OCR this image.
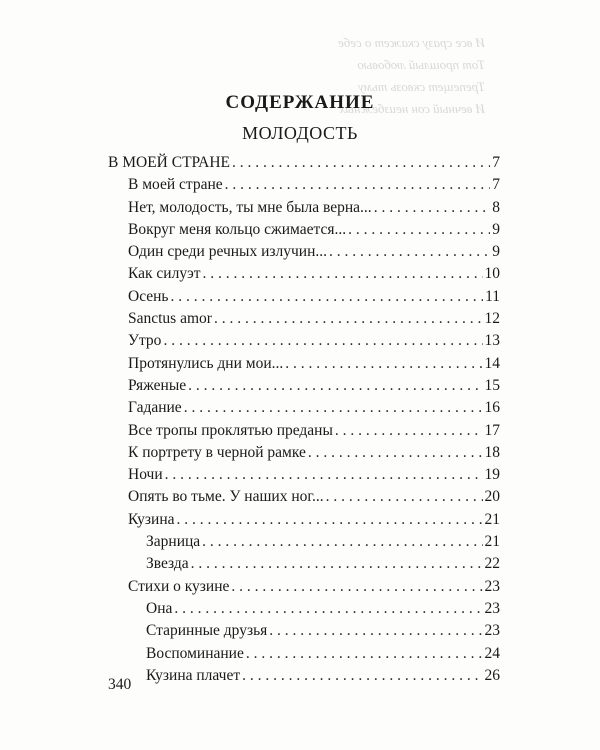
И все сразу скажет о себе
Тот прошлый любовью
Трепещет сквозь тьму
И вечный сон неизбежных
СОДЕРЖАНИЕ
МОЛОДОСТЬ
В МОЕЙ СТРАНЕ . . .	7
В моей стране . . .	7
Нет, молодость, ты мне была верна... . . .	8
Вокруг меня кольцо сжимается... . . .	9
Один среди речных излучин... . . .	9
Как силуэт . . .	10
Осень . . .	11
Sanctus amor . . .	12
Утро . . .	13
Протянулись дни мои... . . .	14
Ряженые . . .	15
Гадание . . .	16
Все тропы проклятью преданы . . .	17
К портрету в черной рамке . . .	18
Ночи . . .	19
Опять во тьме. У наших ног... . . .	20
Кузина . . .	21
Зарница . . .	21
Звезда . . .	22
Стихи о кузине . . .	23
Она . . .	23
Старинные друзья . . .	23
Воспоминание . . .	24
Кузина плачет . . .	26
340
